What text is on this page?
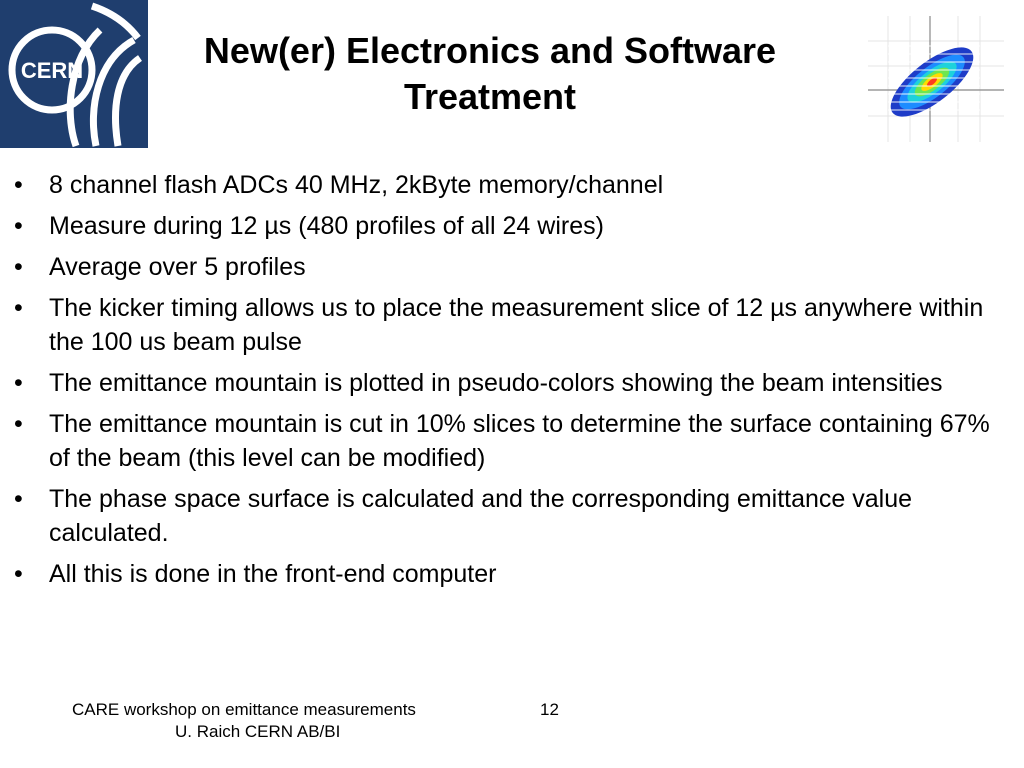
CERN	New(er) Electronics and Software Treatment
• 8 channel flash ADCs 40 MHz, 2kByte memory/channel
• Measure during 12 µs (480 profiles of all 24 wires)
• Average over 5 profiles
• The kicker timing allows us to place the measurement slice of 12 µs anywhere within the 100 us beam pulse
• The emittance mountain is plotted in pseudo-colors showing the beam intensities
• The emittance mountain is cut in 10% slices to determine the surface containing 67% of the beam (this level can be modified)
• The phase space surface is calculated and the corresponding emittance value calculated.
• All this is done in the front-end computer
CARE workshop on emittance measurements
U. Raich CERN AB/BI
12
